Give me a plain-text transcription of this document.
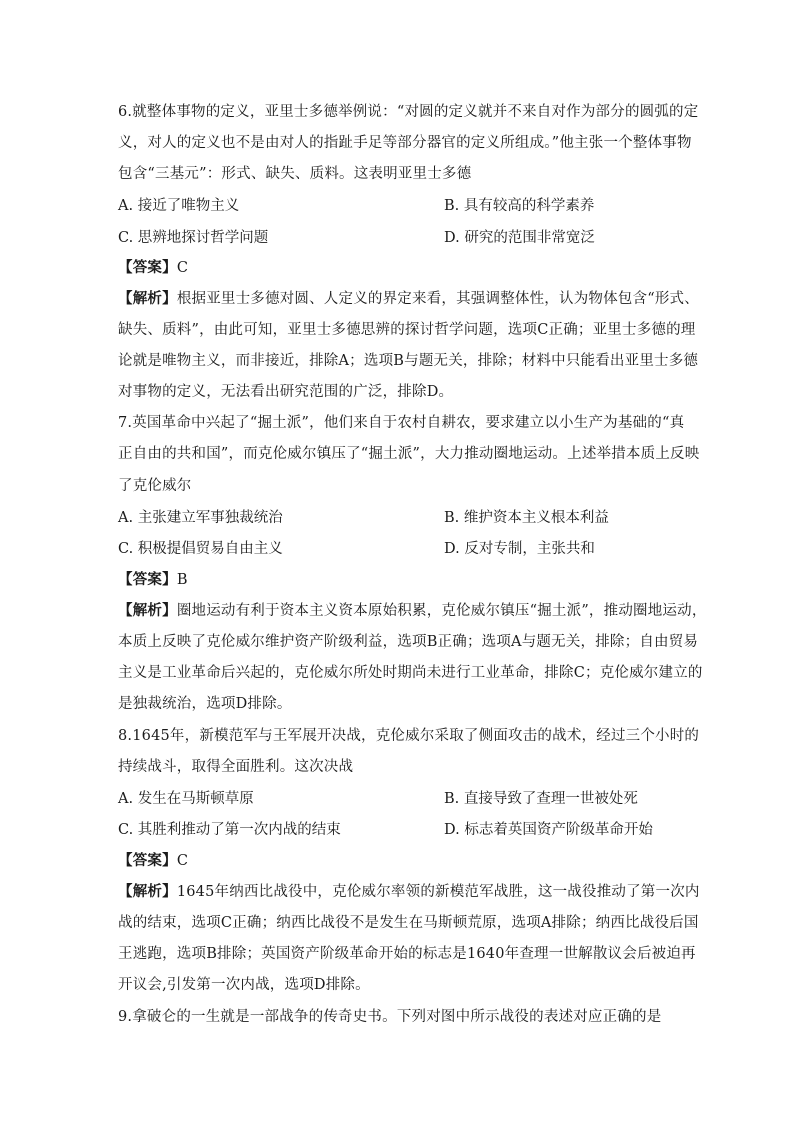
6.就整体事物的定义，亚里士多德举例说：“对圆的定义就并不来自对作为部分的圆弧的定
义，对人的定义也不是由对人的指趾手足等部分器官的定义所组成。”他主张一个整体事物
包含“三基元”：形式、缺失、质料。这表明亚里士多德
A. 接近了唯物主义	B. 具有较高的科学素养
C. 思辨地探讨哲学问题	D. 研究的范围非常宽泛
【答案】C
【解析】根据亚里士多德对圆、人定义的界定来看，其强调整体性，认为物体包含“形式、
缺失、质料”，由此可知，亚里士多德思辨的探讨哲学问题，选项C正确；亚里士多德的理
论就是唯物主义，而非接近，排除A；选项B与题无关，排除；材料中只能看出亚里士多德
对事物的定义，无法看出研究范围的广泛，排除D。
7.英国革命中兴起了“掘土派”，他们来自于农村自耕农，要求建立以小生产为基础的“真
正自由的共和国”，而克伦威尔镇压了“掘土派”，大力推动圈地运动。上述举措本质上反映
了克伦威尔
A. 主张建立军事独裁统治	B. 维护资本主义根本利益
C. 积极提倡贸易自由主义	D. 反对专制，主张共和
【答案】B
【解析】圈地运动有利于资本主义资本原始积累，克伦威尔镇压“掘土派”，推动圈地运动，
本质上反映了克伦威尔维护资产阶级利益，选项B正确；选项A与题无关，排除；自由贸易
主义是工业革命后兴起的，克伦威尔所处时期尚未进行工业革命，排除C；克伦威尔建立的
是独裁统治，选项D排除。
8.1645年，新模范军与王军展开决战，克伦威尔采取了侧面攻击的战术，经过三个小时的
持续战斗，取得全面胜利。这次决战
A. 发生在马斯顿草原	B. 直接导致了查理一世被处死
C. 其胜利推动了第一次内战的结束	D. 标志着英国资产阶级革命开始
【答案】C
【解析】1645年纳西比战役中，克伦威尔率领的新模范军战胜，这一战役推动了第一次内
战的结束，选项C正确；纳西比战役不是发生在马斯顿荒原，选项A排除；纳西比战役后国
王逃跑，选项B排除；英国资产阶级革命开始的标志是1640年查理一世解散议会后被迫再
开议会,引发第一次内战，选项D排除。
9.拿破仑的一生就是一部战争的传奇史书。下列对图中所示战役的表述对应正确的是
